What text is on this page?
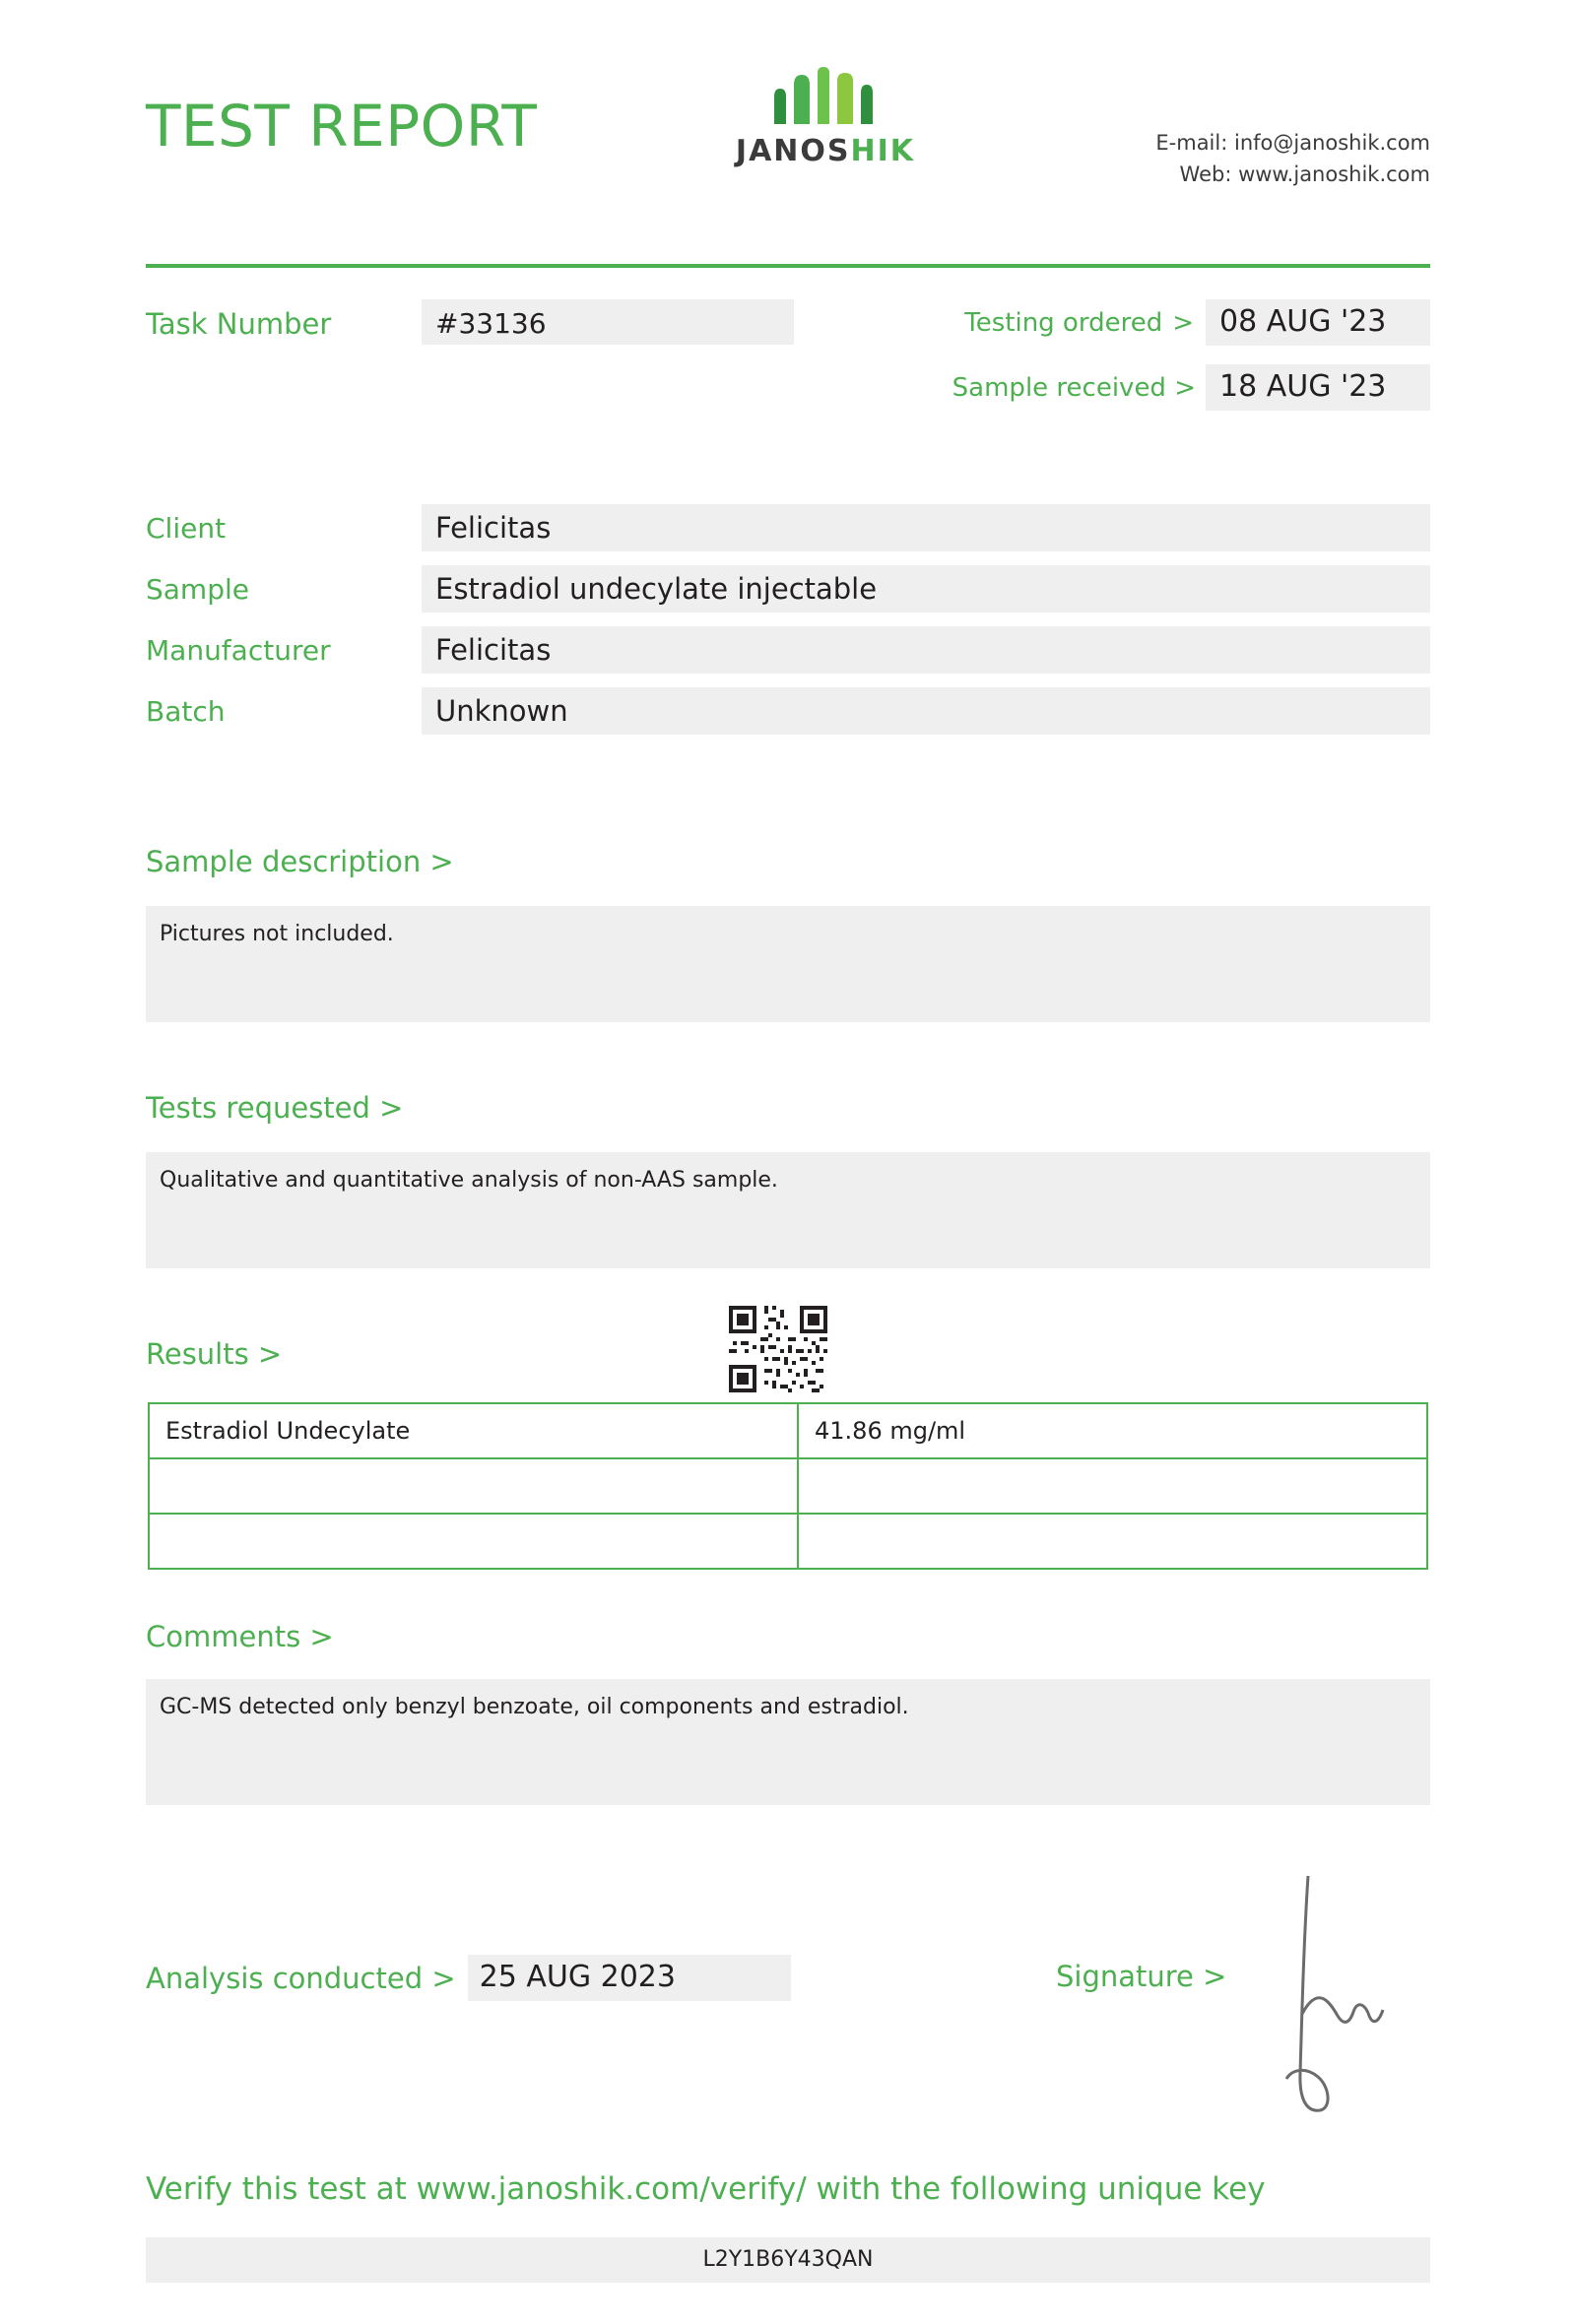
TEST REPORT	JANOSHIK	E-mail: info@janoshik.com
Web: www.janoshik.com
Task Number	#33136	Testing ordered > 08 AUG '23
Sample received > 18 AUG '23
Client	Felicitas
Sample	Estradiol undecylate injectable
Manufacturer	Felicitas
Batch	Unknown
Sample description >
Pictures not included.
Tests requested >
Qualitative and quantitative analysis of non-AAS sample.
Results >
Estradiol Undecylate	41.86 mg/ml

Comments >
GC-MS detected only benzyl benzoate, oil components and estradiol.
Analysis conducted > 25 AUG 2023	Signature >
Verify this test at www.janoshik.com/verify/ with the following unique key
L2Y1B6Y43QAN
